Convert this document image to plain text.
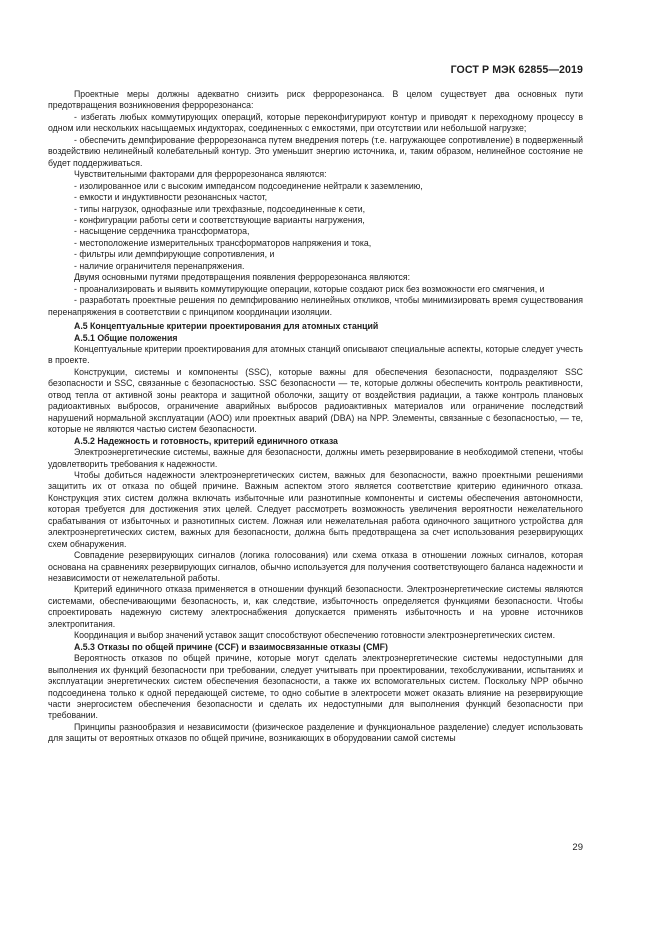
ГОСТ Р МЭК 62855—2019

Проектные меры должны адекватно снизить риск феррорезонанса. В целом существует два основных пути предотвращения возникновения феррорезонанса:

- избегать любых коммутирующих операций, которые переконфигурируют контур и приводят к переходному процессу в одном или нескольких насыщаемых индукторах, соединенных с емкостями, при отсутствии или небольшой нагрузке;

- обеспечить демпфирование феррорезонанса путем внедрения потерь (т.е. нагружающее сопротивление) в подверженный воздействию нелинейный колебательный контур. Это уменьшит энергию источника, и, таким образом, нелинейное состояние не будет поддерживаться.

Чувствительными факторами для феррорезонанса являются:

- изолированное или с высоким импедансом подсоединение нейтрали к заземлению,

- емкости и индуктивности резонансных частот,

- типы нагрузок, однофазные или трехфазные, подсоединенные к сети,

- конфигурации работы сети и соответствующие варианты нагружения,

- насыщение сердечника трансформатора,

- местоположение измерительных трансформаторов напряжения и тока,

- фильтры или демпфирующие сопротивления, и

- наличие ограничителя перенапряжения.

Двумя основными путями предотвращения появления феррорезонанса являются:

- проанализировать и выявить коммутирующие операции, которые создают риск без возможности его смягчения, и

- разработать проектные решения по демпфированию нелинейных откликов, чтобы минимизировать время существования перенапряжения в соответствии с принципом координации изоляции.

А.5 Концептуальные критерии проектирования для атомных станций

А.5.1 Общие положения

Концептуальные критерии проектирования для атомных станций описывают специальные аспекты, которые следует учесть в проекте.

Конструкции, системы и компоненты (SSC), которые важны для обеспечения безопасности, подразделяют SSC безопасности и SSC, связанные с безопасностью. SSC безопасности — те, которые должны обеспечить контроль реактивности, отвод тепла от активной зоны реактора и защитной оболочки, защиту от воздействия радиации, а также контроль плановых радиоактивных выбросов, ограничение аварийных выбросов радиоактивных материалов или ограничение последствий нарушений нормальной эксплуатации (АОО) или проектных аварий (DBA) на NPP. Элементы, связанные с безопасностью, — те, которые не являются частью систем безопасности.

А.5.2 Надежность и готовность, критерий единичного отказа

Электроэнергетические системы, важные для безопасности, должны иметь резервирование в необходимой степени, чтобы удовлетворить требования к надежности.

Чтобы добиться надежности электроэнергетических систем, важных для безопасности, важно проектными решениями защитить их от отказа по общей причине. Важным аспектом этого является соответствие критерию единичного отказа. Конструкция этих систем должна включать избыточные или разнотипные компоненты и системы обеспечения автономности, которая требуется для достижения этих целей. Следует рассмотреть возможность увеличения вероятности нежелательного срабатывания от избыточных и разнотипных систем. Ложная или нежелательная работа одиночного защитного устройства для электроэнергетических систем, важных для безопасности, должна быть предотвращена за счет использования резервирующих схем обнаружения.

Совпадение резервирующих сигналов (логика голосования) или схема отказа в отношении ложных сигналов, которая основана на сравнениях резервирующих сигналов, обычно используется для получения соответствующего баланса надежности и независимости от нежелательной работы.

Критерий единичного отказа применяется в отношении функций безопасности. Электроэнергетические системы являются системами, обеспечивающими безопасность, и, как следствие, избыточность определяется функциями безопасности. Чтобы спроектировать надежную систему электроснабжения допускается применять избыточность и на уровне источников электропитания.

Координация и выбор значений уставок защит способствуют обеспечению готовности электроэнергетических систем.

А.5.3 Отказы по общей причине (CCF) и взаимосвязанные отказы (CMF)

Вероятность отказов по общей причине, которые могут сделать электроэнергетические системы недоступными для выполнения их функций безопасности при требовании, следует учитывать при проектировании, техобслуживании, испытаниях и эксплуатации энергетических систем обеспечения безопасности, а также их вспомогательных систем. Поскольку NPP обычно подсоединена только к одной передающей системе, то одно событие в электросети может оказать влияние на резервирующие части энергосистем обеспечения безопасности и сделать их недоступными для выполнения функций безопасности при требовании.

Принципы разнообразия и независимости (физическое разделение и функциональное разделение) следует использовать для защиты от вероятных отказов по общей причине, возникающих в оборудовании самой системы

29
